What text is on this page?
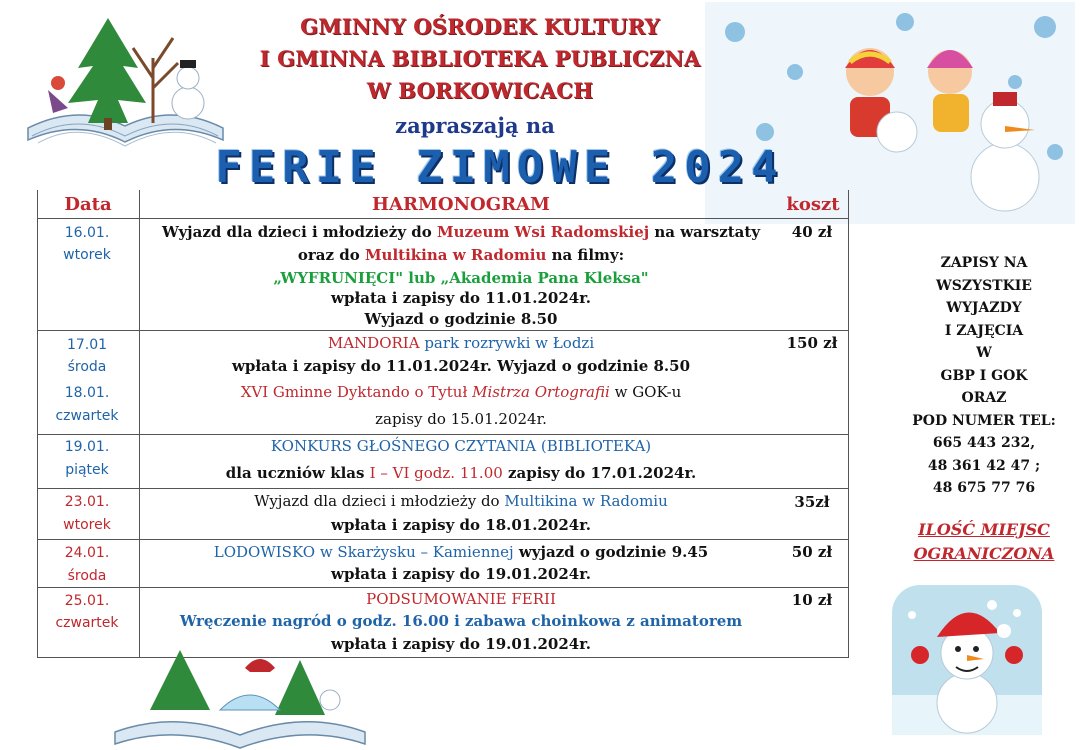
GMINNY OŚRODEK KULTURY
I GMINNA BIBLIOTEKA PUBLICZNA
W BORKOWICACH
zapraszają na
FERIE ZIMOWE 2024
Data	HARMONOGRAM	koszt
16.01.
wtorek
Wyjazd dla dzieci i młodzieży do Muzeum Wsi Radomskiej na warsztaty
oraz do Multikina w Radomiu na filmy:
„WYFRUNIĘCI" lub „Akademia Pana Kleksa"
wpłata i zapisy do 11.01.2024r.
Wyjazd o godzinie 8.50
40 zł
17.01
środa
18.01.
czwartek
MANDORIA park rozrywki w Łodzi
wpłata i zapisy do 11.01.2024r. Wyjazd o godzinie 8.50
XVI Gminne Dyktando o Tytuł Mistrza Ortografii w GOK-u
zapisy do 15.01.2024r.
150 zł
19.01.
piątek
KONKURS GŁOŚNEGO CZYTANIA (BIBLIOTEKA)
dla uczniów klas I – VI godz. 11.00 zapisy do 17.01.2024r.
23.01.
wtorek
Wyjazd dla dzieci i młodzieży do Multikina w Radomiu
wpłata i zapisy do 18.01.2024r.
35zł
24.01.
środa
LODOWISKO w Skarżysku – Kamiennej wyjazd o godzinie 9.45
wpłata i zapisy do 19.01.2024r.
50 zł
25.01.
czwartek
PODSUMOWANIE FERII
Wręczenie nagród o godz. 16.00 i zabawa choinkowa z animatorem
wpłata i zapisy do 19.01.2024r.
10 zł
ZAPISY NA
WSZYSTKIE
WYJAZDY
I ZAJĘCIA
W
GBP I GOK
ORAZ
POD NUMER TEL:
665 443 232,
48 361 42 47 ;
48 675 77 76
ILOŚĆ MIEJSC
OGRANICZONA
